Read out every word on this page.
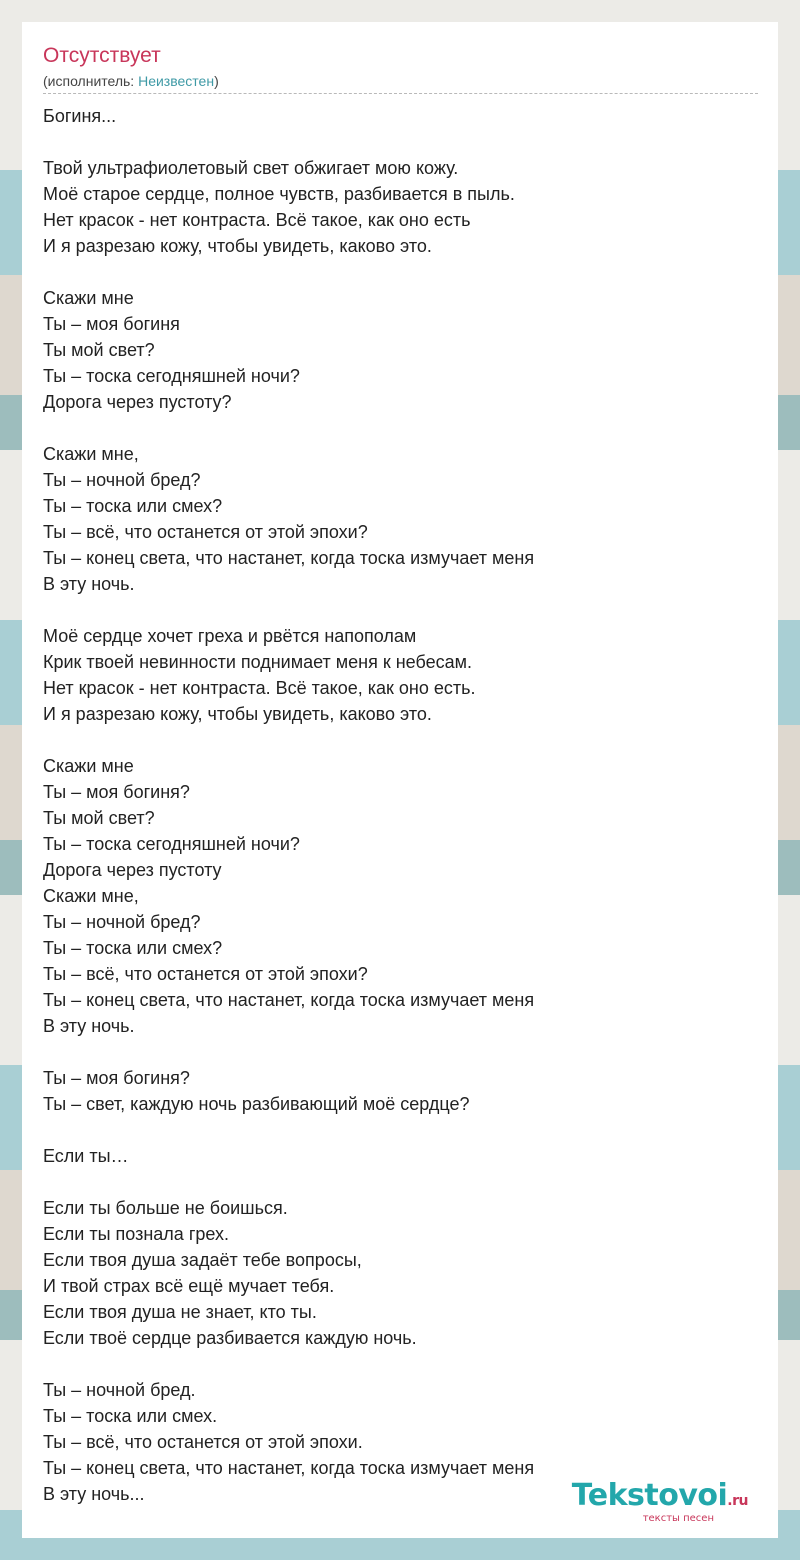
Отсутствует
(исполнитель: Неизвестен)
Богиня...
Твой ультрафиолетовый свет обжигает мою кожу.
Моё старое сердце, полное чувств, разбивается в пыль.
Нет красок - нет контраста. Всё такое, как оно есть
И я разрезаю кожу, чтобы увидеть, каково это.
Скажи мне
Ты – моя богиня
Ты мой свет?
Ты – тоска сегодняшней ночи?
Дорога через пустоту?
Скажи мне,
Ты – ночной бред?
Ты – тоска или смех?
Ты – всё, что останется от этой эпохи?
Ты – конец света, что настанет, когда тоска измучает меня
В эту ночь.
Моё сердце хочет греха и рвётся напополам
Крик твоей невинности поднимает меня к небесам.
Нет красок - нет контраста. Всё такое, как оно есть.
И я разрезаю кожу, чтобы увидеть, каково это.
Скажи мне
Ты – моя богиня?
Ты мой свет?
Ты – тоска сегодняшней ночи?
Дорога через пустоту
Скажи мне,
Ты – ночной бред?
Ты – тоска или смех?
Ты – всё, что останется от этой эпохи?
Ты – конец света, что настанет, когда тоска измучает меня
В эту ночь.
Ты – моя богиня?
Ты – свет, каждую ночь разбивающий моё сердце?
Если ты…
Если ты больше не боишься.
Если ты познала грех.
Если твоя душа задаёт тебе вопросы,
И твой страх всё ещё мучает тебя.
Если твоя душа не знает, кто ты.
Если твоё сердце разбивается каждую ночь.
Ты – ночной бред.
Ты – тоска или смех.
Ты – всё, что останется от этой эпохи.
Ты – конец света, что настанет, когда тоска измучает меня
В эту ночь...	Tekstovoi.ru
тексты песен
